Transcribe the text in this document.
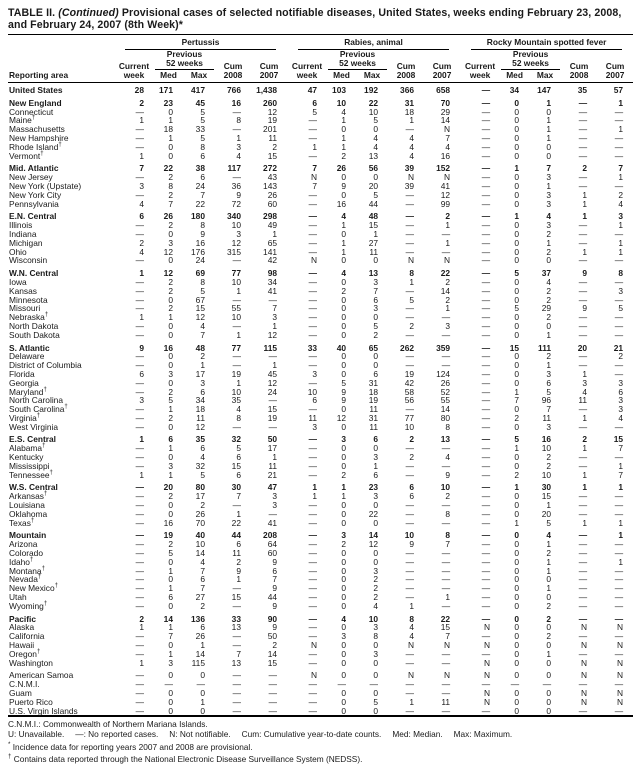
TABLE II. (Continued) Provisional cases of selected notifiable diseases, United States, weeks ending February 23, 2008, and February 24, 2007 (8th Week)*
Reporting area	Pertussis					Rabies, animal					Rocky Mountain spotted fever				

	Current
week	Previous
52 weeks		Cum
2008	Cum
2007	Current
week	Previous
52 weeks		Cum
2008	Cum
2007	Current
week	Previous
52 weeks		Cum
2008	Cum
2007
		Med	Max				Med	Max				Med	Max		
United States	28	171	417	766	1,438	47	103	192	366	658	—	34	147	35	57
New England	2	23	45	16	260	6	10	22	31	70	—	0	1	—	1
Connecticut	—	0	5	—	12	5	4	10	18	29	—	0	0	—	—
Maine†	1	1	5	8	19	—	1	5	1	14	—	0	1	—	—
Massachusetts	—	18	33	—	201	—	0	0	—	N	—	0	1	—	1
New Hampshire	—	1	5	1	11	—	1	4	4	7	—	0	1	—	—
Rhode Island†	—	0	8	3	2	1	1	4	4	4	—	0	0	—	—
Vermont†	1	0	6	4	15	—	2	13	4	16	—	0	0	—	—
Mid. Atlantic	7	22	38	117	272	7	26	56	39	152	—	1	7	2	7
New Jersey	—	2	6	—	43	N	0	0	N	N	—	0	3	—	1
New York (Upstate)	3	8	24	36	143	7	9	20	39	41	—	0	1	—	—
New York City	—	2	7	9	26	—	0	5	—	12	—	0	3	1	2
Pennsylvania	4	7	22	72	60	—	16	44	—	99	—	0	3	1	4
E.N. Central	6	26	180	340	298	—	4	48	—	2	—	1	4	1	3
Illinois	—	2	8	10	49	—	1	15	—	1	—	0	3	—	1
Indiana	—	0	9	3	1	—	0	1	—	—	—	0	2	—	—
Michigan	2	3	16	12	65	—	1	27	—	1	—	0	1	—	1
Ohio	4	12	176	315	141	—	1	11	—	—	—	0	2	1	1
Wisconsin	—	0	24	—	42	N	0	0	N	N	—	0	0	—	—
W.N. Central	1	12	69	77	98	—	4	13	8	22	—	5	37	9	8
Iowa	—	2	8	10	34	—	0	3	1	2	—	0	4	—	—
Kansas	—	2	5	1	41	—	2	7	—	14	—	0	2	—	3
Minnesota	—	0	67	—	—	—	0	6	5	2	—	0	2	—	—
Missouri	—	2	15	55	7	—	0	3	—	1	—	5	29	9	5
Nebraska†	1	1	12	10	3	—	0	0	—	—	—	0	2	—	—
North Dakota	—	0	4	—	1	—	0	5	2	3	—	0	0	—	—
South Dakota	—	0	7	1	12	—	0	2	—	—	—	0	1	—	—
S. Atlantic	9	16	48	77	115	33	40	65	262	359	—	15	111	20	21
Delaware	—	0	2	—	—	—	0	0	—	—	—	0	2	—	2
District of Columbia	—	0	1	—	1	—	0	0	—	—	—	0	1	—	—
Florida	6	3	17	19	45	3	0	6	19	124	—	0	3	1	—
Georgia	—	0	3	1	12	—	5	31	42	26	—	0	6	3	3
Maryland†	—	2	6	10	24	10	9	18	58	52	—	1	5	4	6
North Carolina	3	5	34	35	—	6	9	19	56	55	—	7	96	11	3
South Carolina†	—	1	18	4	15	—	0	11	—	14	—	0	7	—	3
Virginia†	—	2	11	8	19	11	12	31	77	80	—	2	11	1	4
West Virginia	—	0	12	—	—	3	0	11	10	8	—	0	3	—	—
E.S. Central	1	6	35	32	50	—	3	6	2	13	—	5	16	2	15
Alabama†	—	1	6	5	17	—	0	0	—	—	—	1	10	1	7
Kentucky	—	0	4	6	1	—	0	3	2	4	—	0	2	—	—
Mississippi	—	3	32	15	11	—	0	1	—	—	—	0	2	—	1
Tennessee†	1	1	5	6	21	—	2	6	—	9	—	2	10	1	7
W.S. Central	—	20	80	30	47	1	1	23	6	10	—	1	30	1	1
Arkansas†	—	2	17	7	3	1	1	3	6	2	—	0	15	—	—
Louisiana	—	0	2	—	3	—	0	0	—	—	—	0	1	—	—
Oklahoma	—	0	26	1	—	—	0	22	—	8	—	0	20	—	—
Texas†	—	16	70	22	41	—	0	0	—	—	—	1	5	1	1
Mountain	—	19	40	44	208	—	3	14	10	8	—	0	4	—	1
Arizona	—	2	10	6	64	—	2	12	9	7	—	0	1	—	—
Colorado	—	5	14	11	60	—	0	0	—	—	—	0	2	—	—
Idaho†	—	0	4	2	9	—	0	0	—	—	—	0	1	—	1
Montana†	—	1	7	9	6	—	0	3	—	—	—	0	1	—	—
Nevada†	—	0	6	1	7	—	0	2	—	—	—	0	0	—	—
New Mexico†	—	1	7	—	9	—	0	2	—	—	—	0	1	—	—
Utah	—	6	27	15	44	—	0	2	—	1	—	0	0	—	—
Wyoming†	—	0	2	—	9	—	0	4	1	—	—	0	2	—	—
Pacific	2	14	136	33	90	—	4	10	8	22	—	0	2	—	—
Alaska	1	1	6	13	9	—	0	3	4	15	N	0	0	N	N
California	—	7	26	—	50	—	3	8	4	7	—	0	2	—	—
Hawaii	—	0	1	—	2	N	0	0	N	N	N	0	0	N	N
Oregon†	—	1	14	7	14	—	0	3	—	—	—	0	1	—	—
Washington	1	3	115	13	15	—	0	0	—	—	N	0	0	N	N
American Samoa	—	0	0	—	—	N	0	0	N	N	N	0	0	N	N
C.N.M.I.	—	—	—	—	—	—	—	—	—	—	—	—	—	—	—
Guam	—	0	0	—	—	—	0	0	—	—	N	0	0	N	N
Puerto Rico	—	0	1	—	—	—	0	5	1	11	N	0	0	N	N
U.S. Virgin Islands	—	0	0	—	—	—	0	0	—	—	—	0	0	—	—
C.N.M.I.: Commonwealth of Northern Mariana Islands.
U: Unavailable. —: No reported cases. N: Not notifiable. Cum: Cumulative year-to-date counts. Med: Median. Max: Maximum.
* Incidence data for reporting years 2007 and 2008 are provisional.
† Contains data reported through the National Electronic Disease Surveillance System (NEDSS).
